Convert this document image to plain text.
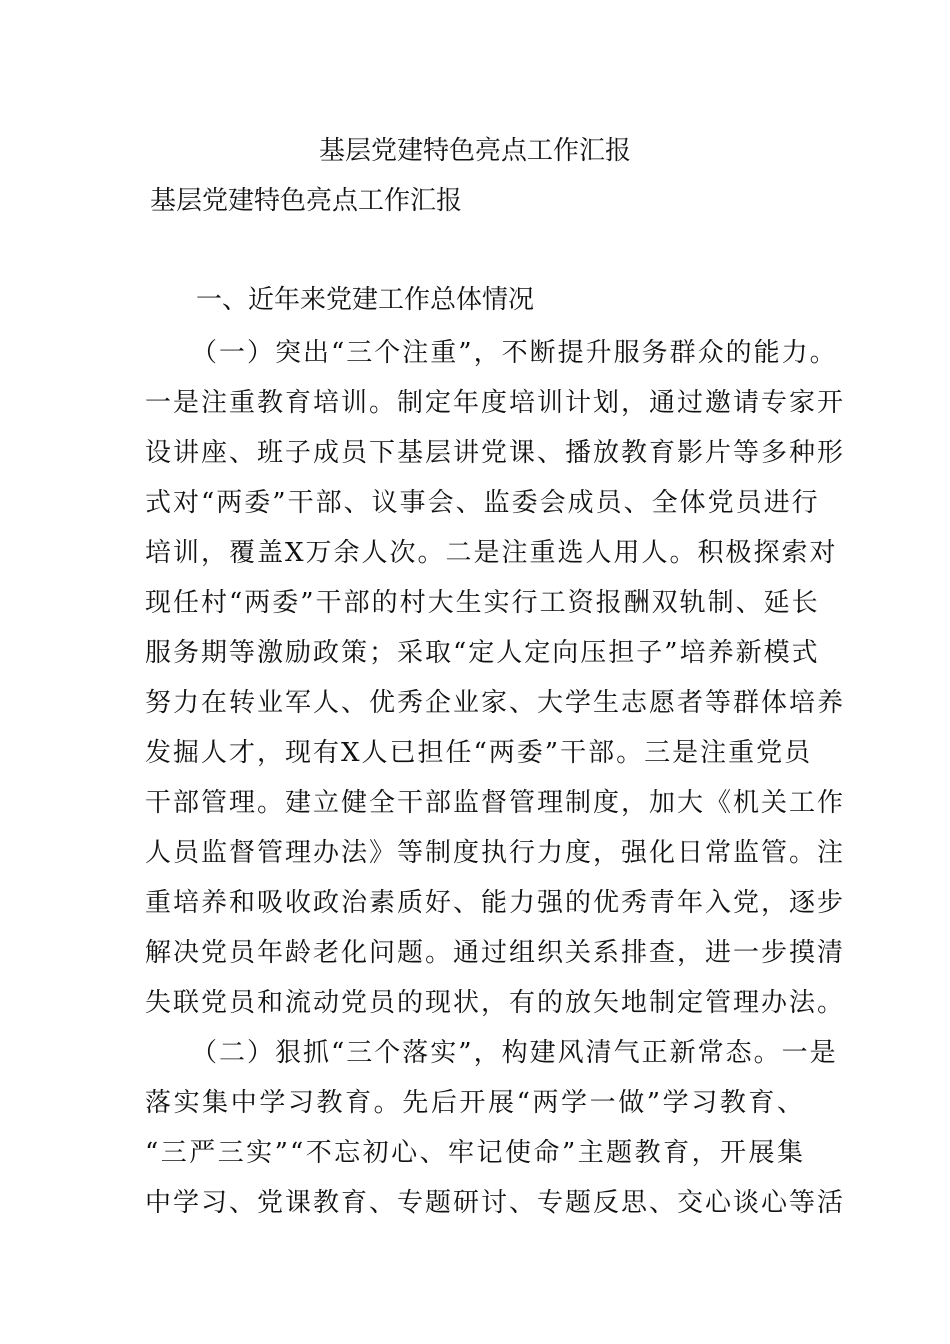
基层党建特色亮点工作汇报
基层党建特色亮点工作汇报
一、近年来党建工作总体情况
（一）突出“三个注重”，不断提升服务群众的能力。
一是注重教育培训。制定年度培训计划，通过邀请专家开
设讲座、班子成员下基层讲党课、播放教育影片等多种形
式对“两委”干部、议事会、监委会成员、全体党员进行
培训，覆盖X万余人次。二是注重选人用人。积极探索对
现任村“两委”干部的村大生实行工资报酬双轨制、延长
服务期等激励政策；采取“定人定向压担子”培养新模式
努力在转业军人、优秀企业家、大学生志愿者等群体培养
发掘人才，现有X人已担任“两委”干部。三是注重党员
干部管理。建立健全干部监督管理制度，加大《机关工作
人员监督管理办法》等制度执行力度，强化日常监管。注
重培养和吸收政治素质好、能力强的优秀青年入党，逐步
解决党员年龄老化问题。通过组织关系排查，进一步摸清
失联党员和流动党员的现状，有的放矢地制定管理办法。
（二）狠抓“三个落实”，构建风清气正新常态。一是
落实集中学习教育。先后开展“两学一做”学习教育、
“三严三实”“不忘初心、牢记使命”主题教育，开展集
中学习、党课教育、专题研讨、专题反思、交心谈心等活
